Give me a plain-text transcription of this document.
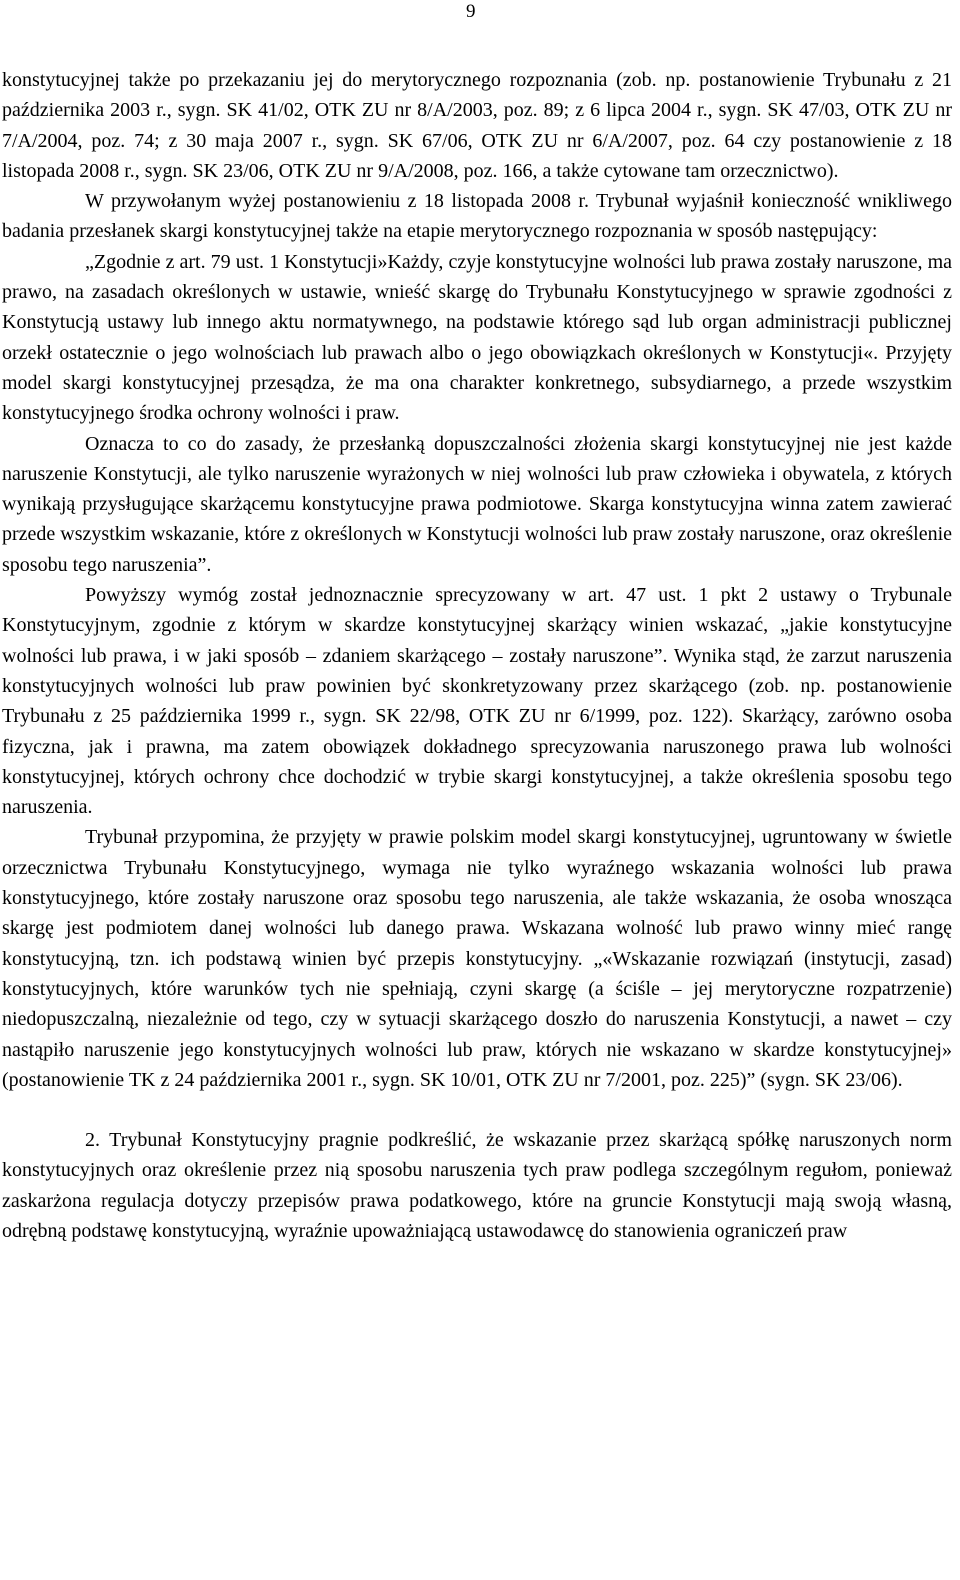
9

konstytucyjnej także po przekazaniu jej do merytorycznego rozpoznania (zob. np. postanowienie Trybunału z 21 października 2003 r., sygn. SK 41/02, OTK ZU nr 8/A/2003, poz. 89; z 6 lipca 2004 r., sygn. SK 47/03, OTK ZU nr 7/A/2004, poz. 74; z 30 maja 2007 r., sygn. SK 67/06, OTK ZU nr 6/A/2007, poz. 64 czy postanowienie z 18 listopada 2008 r., sygn. SK 23/06, OTK ZU nr 9/A/2008, poz. 166, a także cytowane tam orzecznictwo).

W przywołanym wyżej postanowieniu z 18 listopada 2008 r. Trybunał wyjaśnił konieczność wnikliwego badania przesłanek skargi konstytucyjnej także na etapie merytorycznego rozpoznania w sposób następujący:

„Zgodnie z art. 79 ust. 1 Konstytucji»Każdy, czyje konstytucyjne wolności lub prawa zostały naruszone, ma prawo, na zasadach określonych w ustawie, wnieść skargę do Trybunału Konstytucyjnego w sprawie zgodności z Konstytucją ustawy lub innego aktu normatywnego, na podstawie którego sąd lub organ administracji publicznej orzekł ostatecznie o jego wolnościach lub prawach albo o jego obowiązkach określonych w Konstytucji«. Przyjęty model skargi konstytucyjnej przesądza, że ma ona charakter konkretnego, subsydiarnego, a przede wszystkim konstytucyjnego środka ochrony wolności i praw.

Oznacza to co do zasady, że przesłanką dopuszczalności złożenia skargi konstytucyjnej nie jest każde naruszenie Konstytucji, ale tylko naruszenie wyrażonych w niej wolności lub praw człowieka i obywatela, z których wynikają przysługujące skarżącemu konstytucyjne prawa podmiotowe. Skarga konstytucyjna winna zatem zawierać przede wszystkim wskazanie, które z określonych w Konstytucji wolności lub praw zostały naruszone, oraz określenie sposobu tego naruszenia”.

Powyższy wymóg został jednoznacznie sprecyzowany w art. 47 ust. 1 pkt 2 ustawy o Trybunale Konstytucyjnym, zgodnie z którym w skardze konstytucyjnej skarżący winien wskazać, „jakie konstytucyjne wolności lub prawa, i w jaki sposób – zdaniem skarżącego – zostały naruszone”. Wynika stąd, że zarzut naruszenia konstytucyjnych wolności lub praw powinien być skonkretyzowany przez skarżącego (zob. np. postanowienie Trybunału z 25 października 1999 r., sygn. SK 22/98, OTK ZU nr 6/1999, poz. 122). Skarżący, zarówno osoba fizyczna, jak i prawna, ma zatem obowiązek dokładnego sprecyzowania naruszonego prawa lub wolności konstytucyjnej, których ochrony chce dochodzić w trybie skargi konstytucyjnej, a także określenia sposobu tego naruszenia.

Trybunał przypomina, że przyjęty w prawie polskim model skargi konstytucyjnej, ugruntowany w świetle orzecznictwa Trybunału Konstytucyjnego, wymaga nie tylko wyraźnego wskazania wolności lub prawa konstytucyjnego, które zostały naruszone oraz sposobu tego naruszenia, ale także wskazania, że osoba wnosząca skargę jest podmiotem danej wolności lub danego prawa. Wskazana wolność lub prawo winny mieć rangę konstytucyjną, tzn. ich podstawą winien być przepis konstytucyjny. „«Wskazanie rozwiązań (instytucji, zasad) konstytucyjnych, które warunków tych nie spełniają, czyni skargę (a ściśle – jej merytoryczne rozpatrzenie) niedopuszczalną, niezależnie od tego, czy w sytuacji skarżącego doszło do naruszenia Konstytucji, a nawet – czy nastąpiło naruszenie jego konstytucyjnych wolności lub praw, których nie wskazano w skardze konstytucyjnej» (postanowienie TK z 24 października 2001 r., sygn. SK 10/01, OTK ZU nr 7/2001, poz. 225)” (sygn. SK 23/06).

2. Trybunał Konstytucyjny pragnie podkreślić, że wskazanie przez skarżącą spółkę naruszonych norm konstytucyjnych oraz określenie przez nią sposobu naruszenia tych praw podlega szczególnym regułom, ponieważ zaskarżona regulacja dotyczy przepisów prawa podatkowego, które na gruncie Konstytucji mają swoją własną, odrębną podstawę konstytucyjną, wyraźnie upoważniającą ustawodawcę do stanowienia ograniczeń praw
